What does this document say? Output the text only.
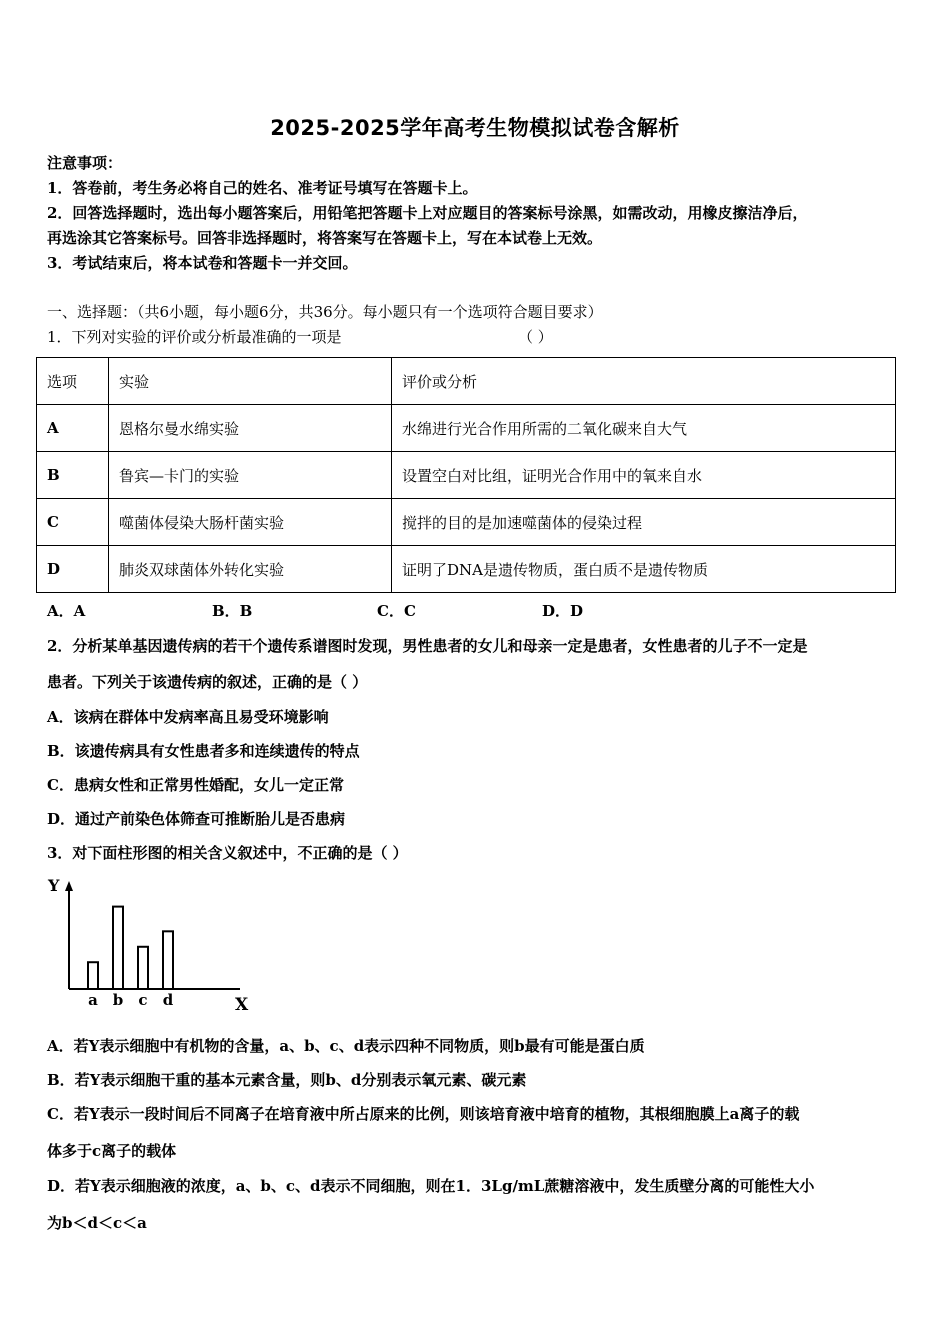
2025-2025学年高考生物模拟试卷含解析
注意事项：
1．答卷前，考生务必将自己的姓名、准考证号填写在答题卡上。
2．回答选择题时，选出每小题答案后，用铅笔把答题卡上对应题目的答案标号涂黑，如需改动，用橡皮擦洁净后，
再选涂其它答案标号。回答非选择题时，将答案写在答题卡上，写在本试卷上无效。
3．考试结束后，将本试卷和答题卡一并交回。
一、选择题：（共6小题，每小题6分，共36分。每小题只有一个选项符合题目要求）
1．下列对实验的评价或分析最准确的一项是	（ ）
选项	实验	评价或分析
A	恩格尔曼水绵实验	水绵进行光合作用所需的二氧化碳来自大气
B	鲁宾—卡门的实验	设置空白对比组，证明光合作用中的氧来自水
C	噬菌体侵染大肠杆菌实验	搅拌的目的是加速噬菌体的侵染过程
D	肺炎双球菌体外转化实验	证明了DNA是遗传物质，蛋白质不是遗传物质
A．A	B．B	C．C	D．D
2．分析某单基因遗传病的若干个遗传系谱图时发现，男性患者的女儿和母亲一定是患者，女性患者的儿子不一定是
患者。下列关于该遗传病的叙述，正确的是（ ）
A．该病在群体中发病率高且易受环境影响
B．该遗传病具有女性患者多和连续遗传的特点
C．患病女性和正常男性婚配，女儿一定正常
D．通过产前染色体筛查可推断胎儿是否患病
3．对下面柱形图的相关含义叙述中，不正确的是（ ）
Y
X
a b c d
A．若Y表示细胞中有机物的含量，a、b、c、d表示四种不同物质，则b最有可能是蛋白质
B．若Y表示细胞干重的基本元素含量，则b、d分别表示氧元素、碳元素
C．若Y表示一段时间后不同离子在培育液中所占原来的比例，则该培育液中培育的植物，其根细胞膜上a离子的载
体多于c离子的载体
D．若Y表示细胞液的浓度，a、b、c、d表示不同细胞，则在1．3Lg/mL蔗糖溶液中，发生质壁分离的可能性大小
为b＜d＜c＜a
